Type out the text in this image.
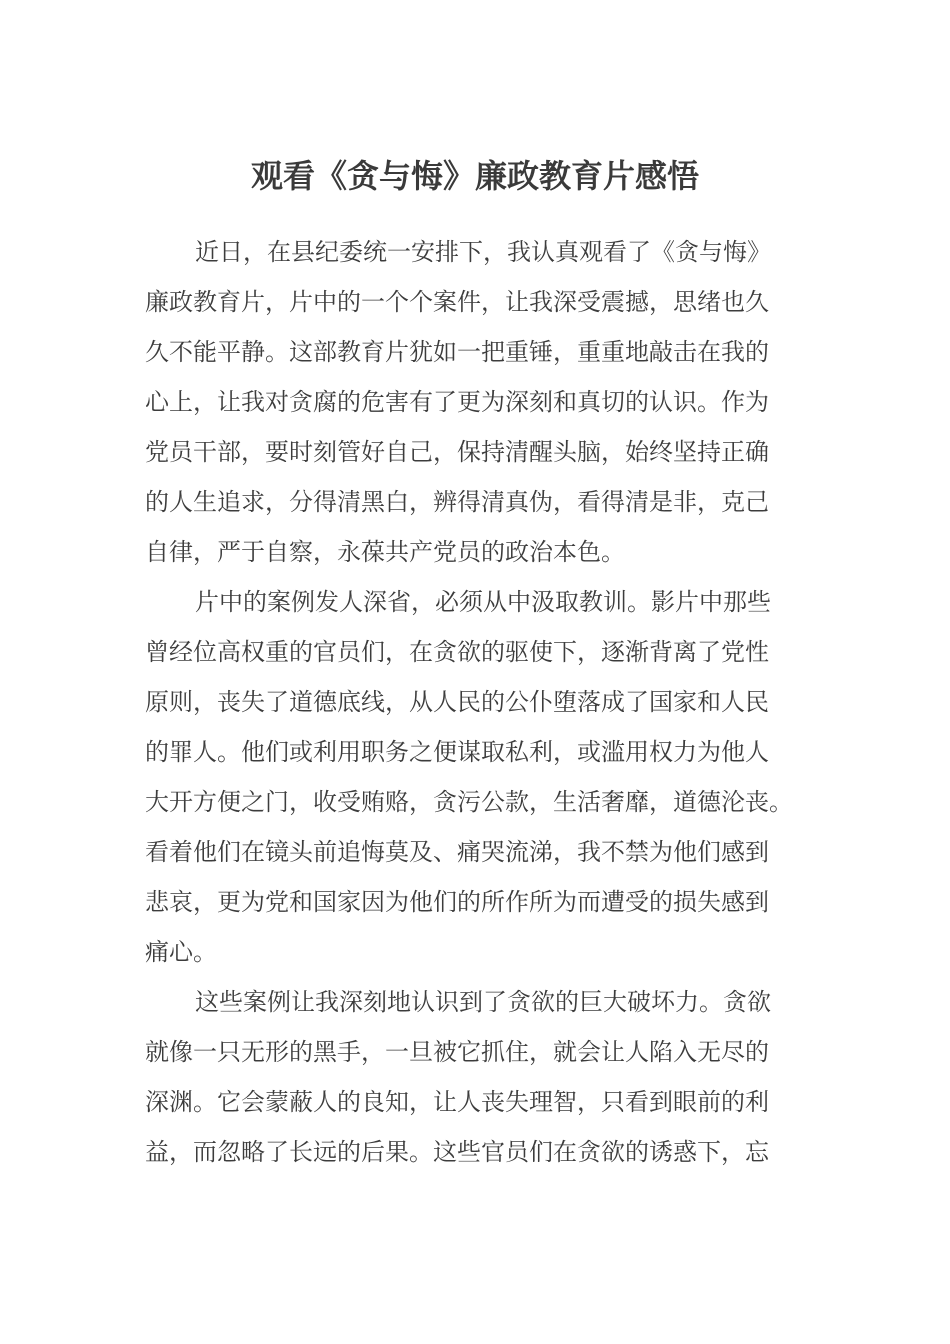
观看《贪与悔》廉政教育片感悟
近日，在县纪委统一安排下，我认真观看了《贪与悔》
廉政教育片，片中的一个个案件，让我深受震撼，思绪也久
久不能平静。这部教育片犹如一把重锤，重重地敲击在我的
心上，让我对贪腐的危害有了更为深刻和真切的认识。作为
党员干部，要时刻管好自己，保持清醒头脑，始终坚持正确
的人生追求，分得清黑白，辨得清真伪，看得清是非，克己
自律，严于自察，永葆共产党员的政治本色。
片中的案例发人深省，必须从中汲取教训。影片中那些
曾经位高权重的官员们，在贪欲的驱使下，逐渐背离了党性
原则，丧失了道德底线，从人民的公仆堕落成了国家和人民
的罪人。他们或利用职务之便谋取私利，或滥用权力为他人
大开方便之门，收受贿赂，贪污公款，生活奢靡，道德沦丧。
看着他们在镜头前追悔莫及、痛哭流涕，我不禁为他们感到
悲哀，更为党和国家因为他们的所作所为而遭受的损失感到
痛心。
这些案例让我深刻地认识到了贪欲的巨大破坏力。贪欲
就像一只无形的黑手，一旦被它抓住，就会让人陷入无尽的
深渊。它会蒙蔽人的良知，让人丧失理智，只看到眼前的利
益，而忽略了长远的后果。这些官员们在贪欲的诱惑下，忘
